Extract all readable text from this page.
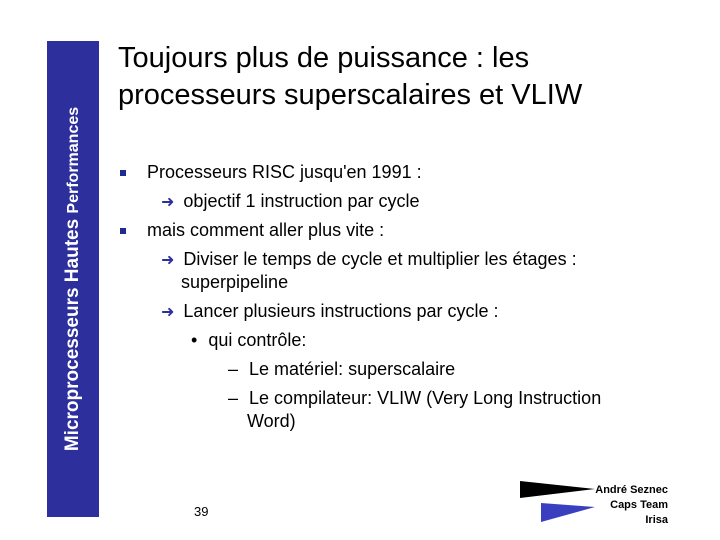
Microprocesseurs Hautes Performances
Toujours plus de puissance : les processeurs superscalaires et VLIW
Processeurs RISC jusqu'en 1991 :
➜ objectif 1 instruction par cycle
mais comment aller plus vite :
➜ Diviser le temps de cycle et multiplier les étages :
superpipeline
➜ Lancer plusieurs instructions par cycle :
• qui contrôle:
– Le matériel: superscalaire
– Le compilateur: VLIW (Very Long Instruction
Word)
39
André Seznec
Caps Team
Irisa
